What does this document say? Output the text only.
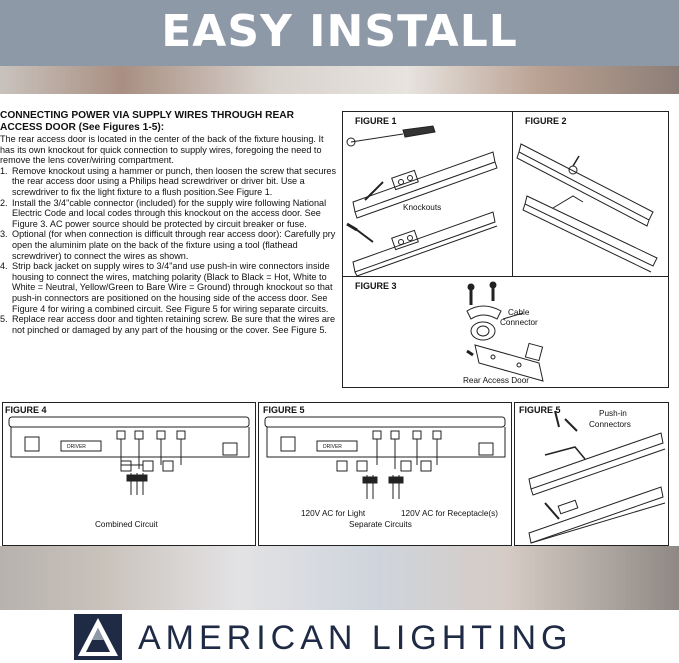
EASY INSTALL

CONNECTING POWER VIA SUPPLY WIRES THROUGH REAR ACCESS DOOR (See Figures 1-5):

The rear access door is located in the center of the back of the fixture housing. It has its own knockout for quick connection to supply wires, foregoing the need to remove the lens cover/wiring compartment.

1. Remove knockout using a hammer or punch, then loosen the screw that secures the rear access door using a Philips head screwdriver or driver bit. Use a screwdriver to fix the light fixture to a flush position.See Figure 1.
2. Install the 3/4"cable connector (included) for the supply wire following National Electric Code and local codes through this knockout on the access door. See Figure 3. AC power source should be protected by circuit breaker or fuse.
3. Optional (for when connection is difficult through rear access door): Carefully pry open the aluminim plate on the back of the fixture using a tool (flathead screwdriver) to connect the wires as shown.
4. Strip back jacket on supply wires to 3/4"and use push-in wire connectors inside housing to connect the wires, matching polarity (Black to Black = Hot, White to White = Neutral, Yellow/Green to Bare Wire = Ground) through knockout so that push-in connectors are positioned on the housing side of the access door. See Figure 4 for wiring a combined circuit. See Figure 5 for wiring separate circuits.
5. Replace rear access door and tighten retaining screw. Be sure that the wires are not pinched or damaged by any part of the housing or the cover. See Figure 5.
FIGURE 1
Knockouts
FIGURE 2
FIGURE 3
Cable
Connector
Rear Access Door
FIGURE 4
DRIVER
Combined Circuit
FIGURE 5
DRIVER
120V AC for Light	120V AC for Receptacle(s)
Separate Circuits
FIGURE 5	Push-in
Connectors
AMERICAN LIGHTING
